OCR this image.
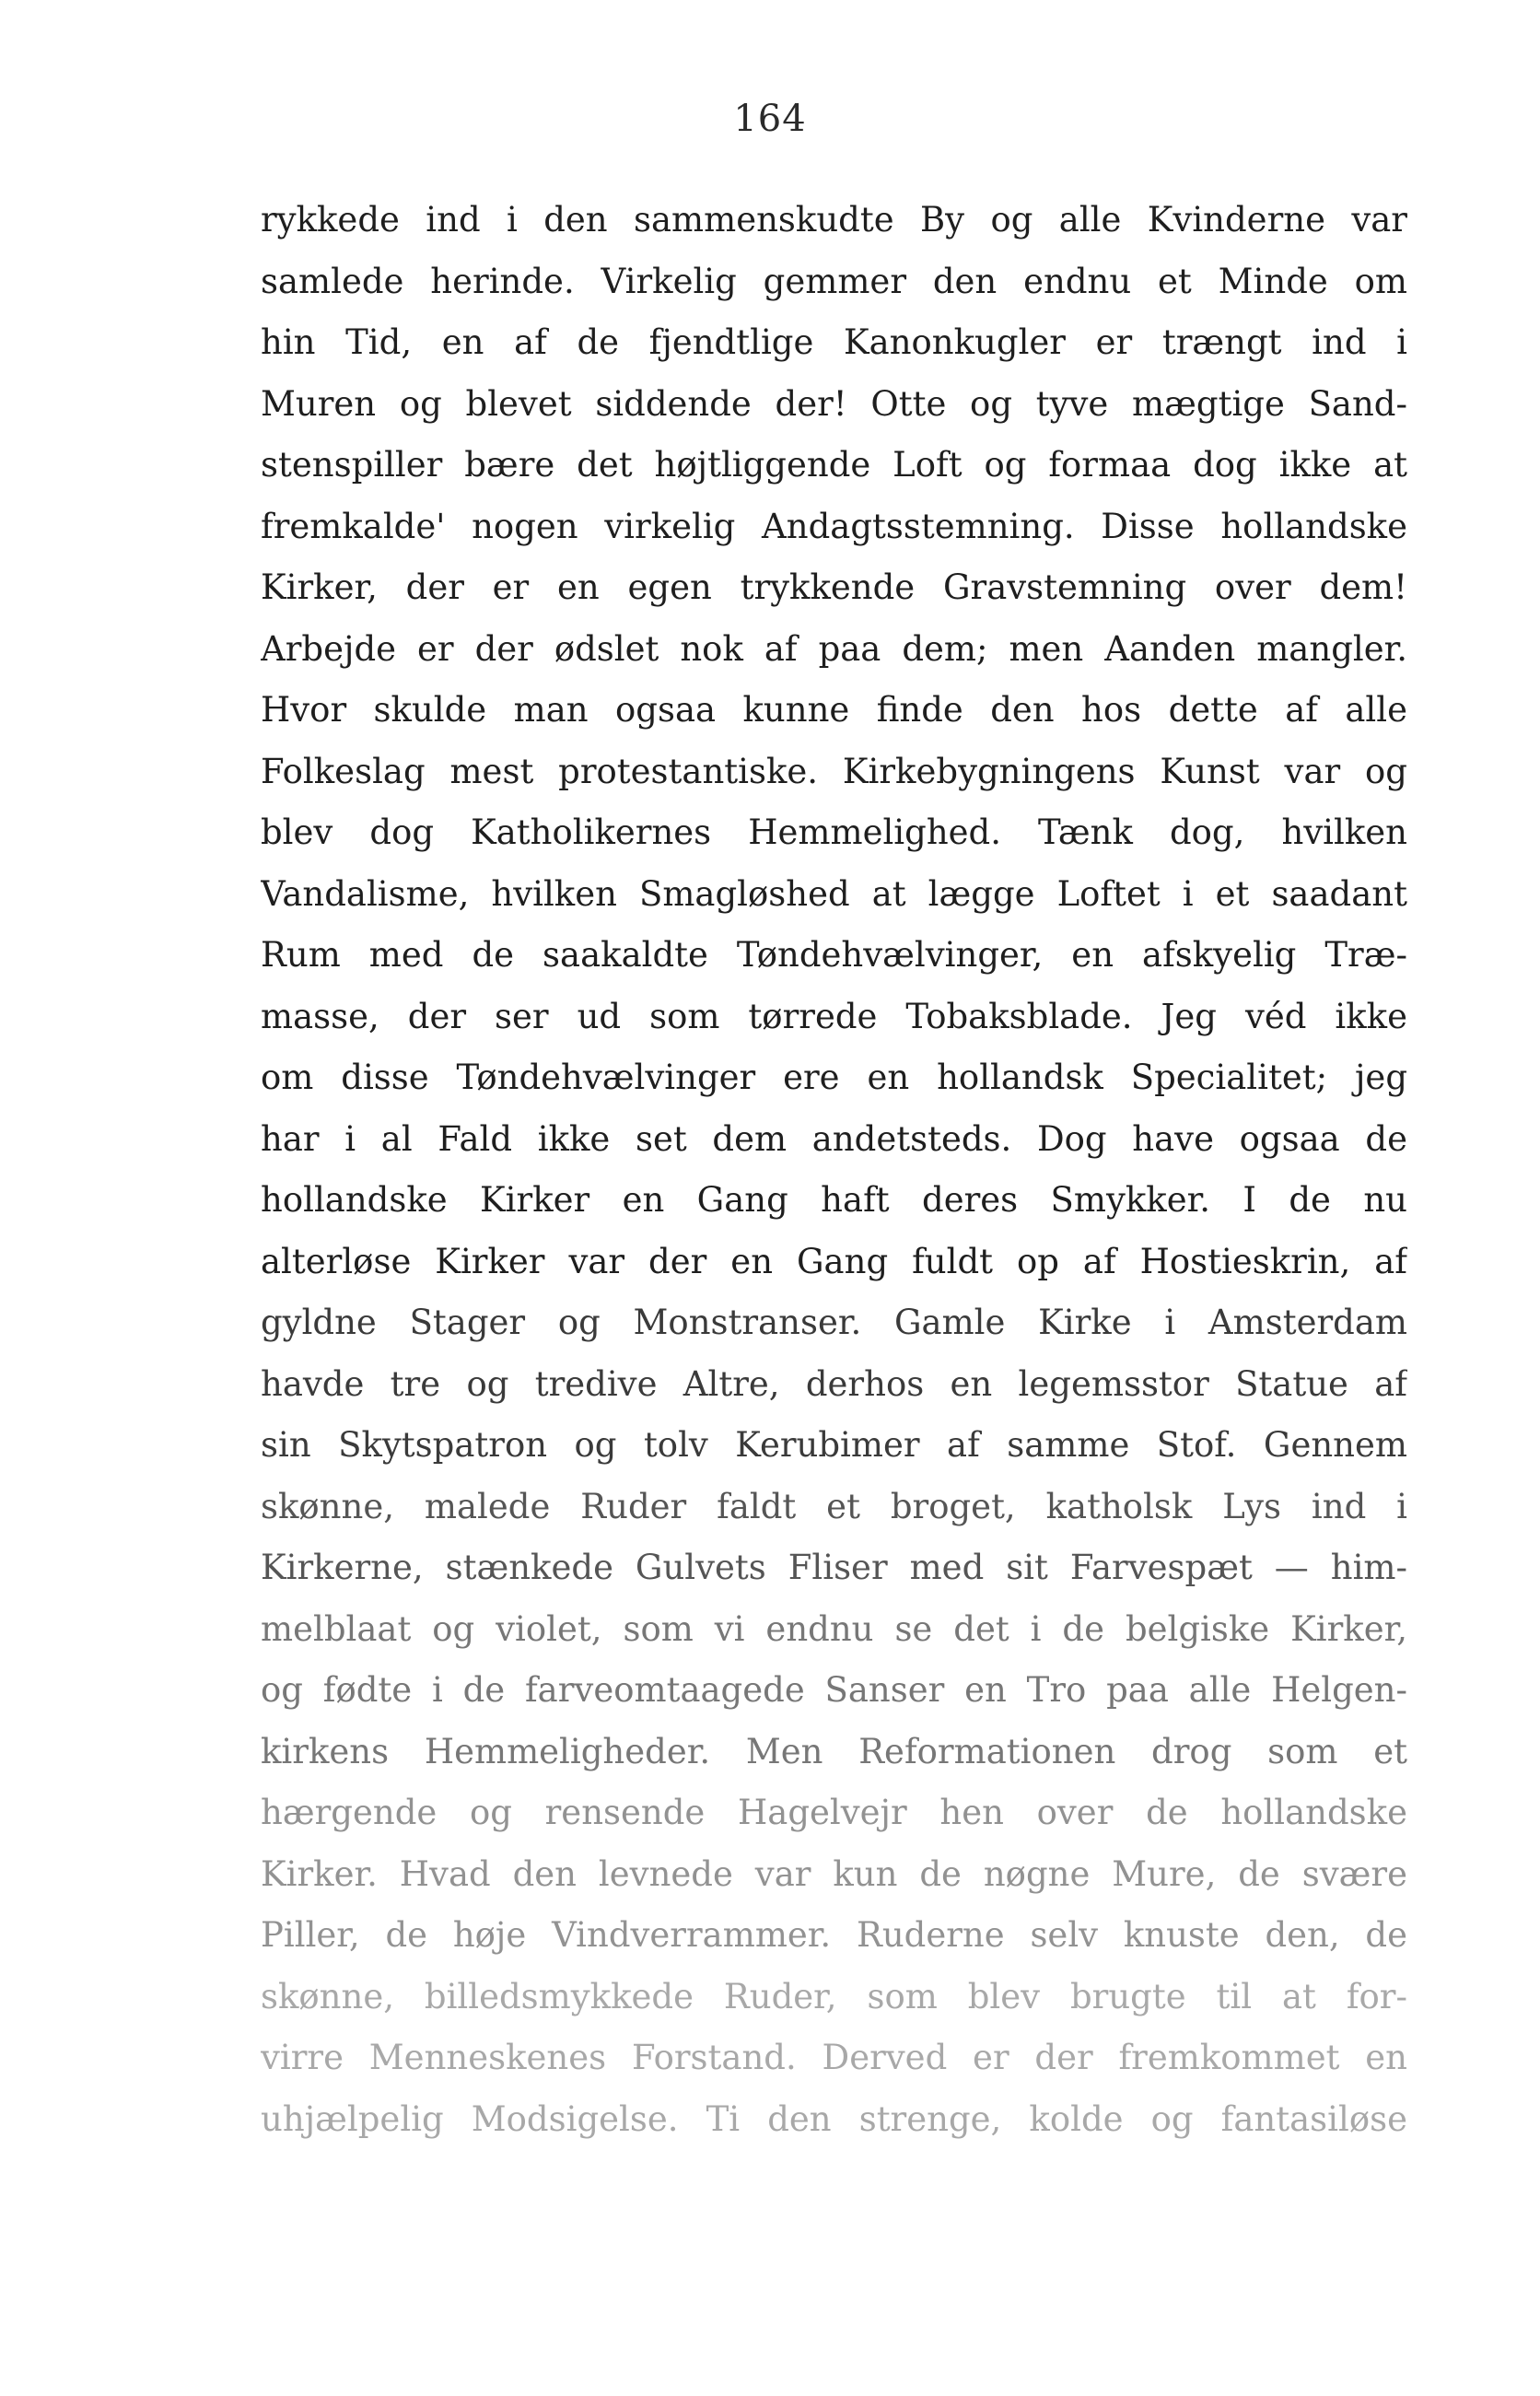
164
rykkede ind i den sammenskudte By og alle Kvinderne var
samlede herinde. Virkelig gemmer den endnu et Minde om
hin Tid, en af de fjendtlige Kanonkugler er trængt ind i
Muren og blevet siddende der! Otte og tyve mægtige Sand-
stenspiller bære det højtliggende Loft og formaa dog ikke at
fremkalde' nogen virkelig Andagtsstemning. Disse hollandske
Kirker, der er en egen trykkende Gravstemning over dem!
Arbejde er der ødslet nok af paa dem; men Aanden mangler.
Hvor skulde man ogsaa kunne finde den hos dette af alle
Folkeslag mest protestantiske. Kirkebygningens Kunst var og
blev dog Katholikernes Hemmelighed. Tænk dog, hvilken
Vandalisme, hvilken Smagløshed at lægge Loftet i et saadant
Rum med de saakaldte Tøndehvælvinger, en afskyelig Træ-
masse, der ser ud som tørrede Tobaksblade. Jeg véd ikke
om disse Tøndehvælvinger ere en hollandsk Specialitet; jeg
har i al Fald ikke set dem andetsteds. Dog have ogsaa de
hollandske Kirker en Gang haft deres Smykker. I de nu
alterløse Kirker var der en Gang fuldt op af Hostieskrin, af
gyldne Stager og Monstranser. Gamle Kirke i Amsterdam
havde tre og tredive Altre, derhos en legemsstor Statue af
sin Skytspatron og tolv Kerubimer af samme Stof. Gennem
skønne, malede Ruder faldt et broget, katholsk Lys ind i
Kirkerne, stænkede Gulvets Fliser med sit Farvespæt — him-
melblaat og violet, som vi endnu se det i de belgiske Kirker,
og fødte i de farveomtaagede Sanser en Tro paa alle Helgen-
kirkens Hemmeligheder. Men Reformationen drog som et
hærgende og rensende Hagelvejr hen over de hollandske
Kirker. Hvad den levnede var kun de nøgne Mure, de svære
Piller, de høje Vindverrammer. Ruderne selv knuste den, de
skønne, billedsmykkede Ruder, som blev brugte til at for-
virre Menneskenes Forstand. Derved er der fremkommet en
uhjælpelig Modsigelse. Ti den strenge, kolde og fantasiløse
